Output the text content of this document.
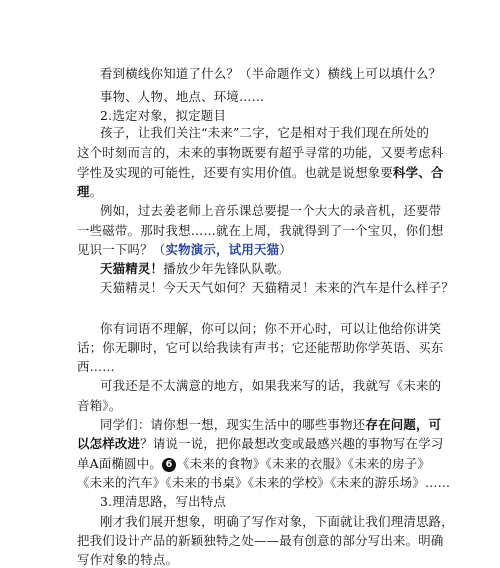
看到横线你知道了什么？（半命题作文）横线上可以填什么？
事物、人物、地点、环境……
2.选定对象，拟定题目
孩子，让我们关注“未来”二字，它是相对于我们现在所处的
这个时刻而言的，未来的事物既要有超乎寻常的功能，又要考虑科
学性及实现的可能性，还要有实用价值。也就是说想象要科学、合
理。
例如，过去姜老师上音乐课总要提一个大大的录音机，还要带
一些磁带。那时我想……就在上周，我就得到了一个宝贝，你们想
见识一下吗？（实物演示，试用天猫）
天猫精灵！播放少年先锋队队歌。
天猫精灵！今天天气如何？天猫精灵！未来的汽车是什么样子？
你有词语不理解，你可以问；你不开心时，可以让他给你讲笑
话；你无聊时，它可以给我读有声书；它还能帮助你学英语、买东
西……
可我还是不太满意的地方，如果我来写的话，我就写《未来的
音箱》。
同学们：请你想一想，现实生活中的哪些事物还存在问题，可
以怎样改进？请说一说，把你最想改变或最感兴趣的事物写在学习
单A面椭圆中。 6 《未来的食物》《未来的衣服》《未来的房子》
《未来的汽车》《未来的书桌》《未来的学校》《未来的游乐场》……
3.理清思路，写出特点
刚才我们展开想象，明确了写作对象，下面就让我们理清思路，
把我们设计产品的新颖独特之处——最有创意的部分写出来。明确
写作对象的特点。
